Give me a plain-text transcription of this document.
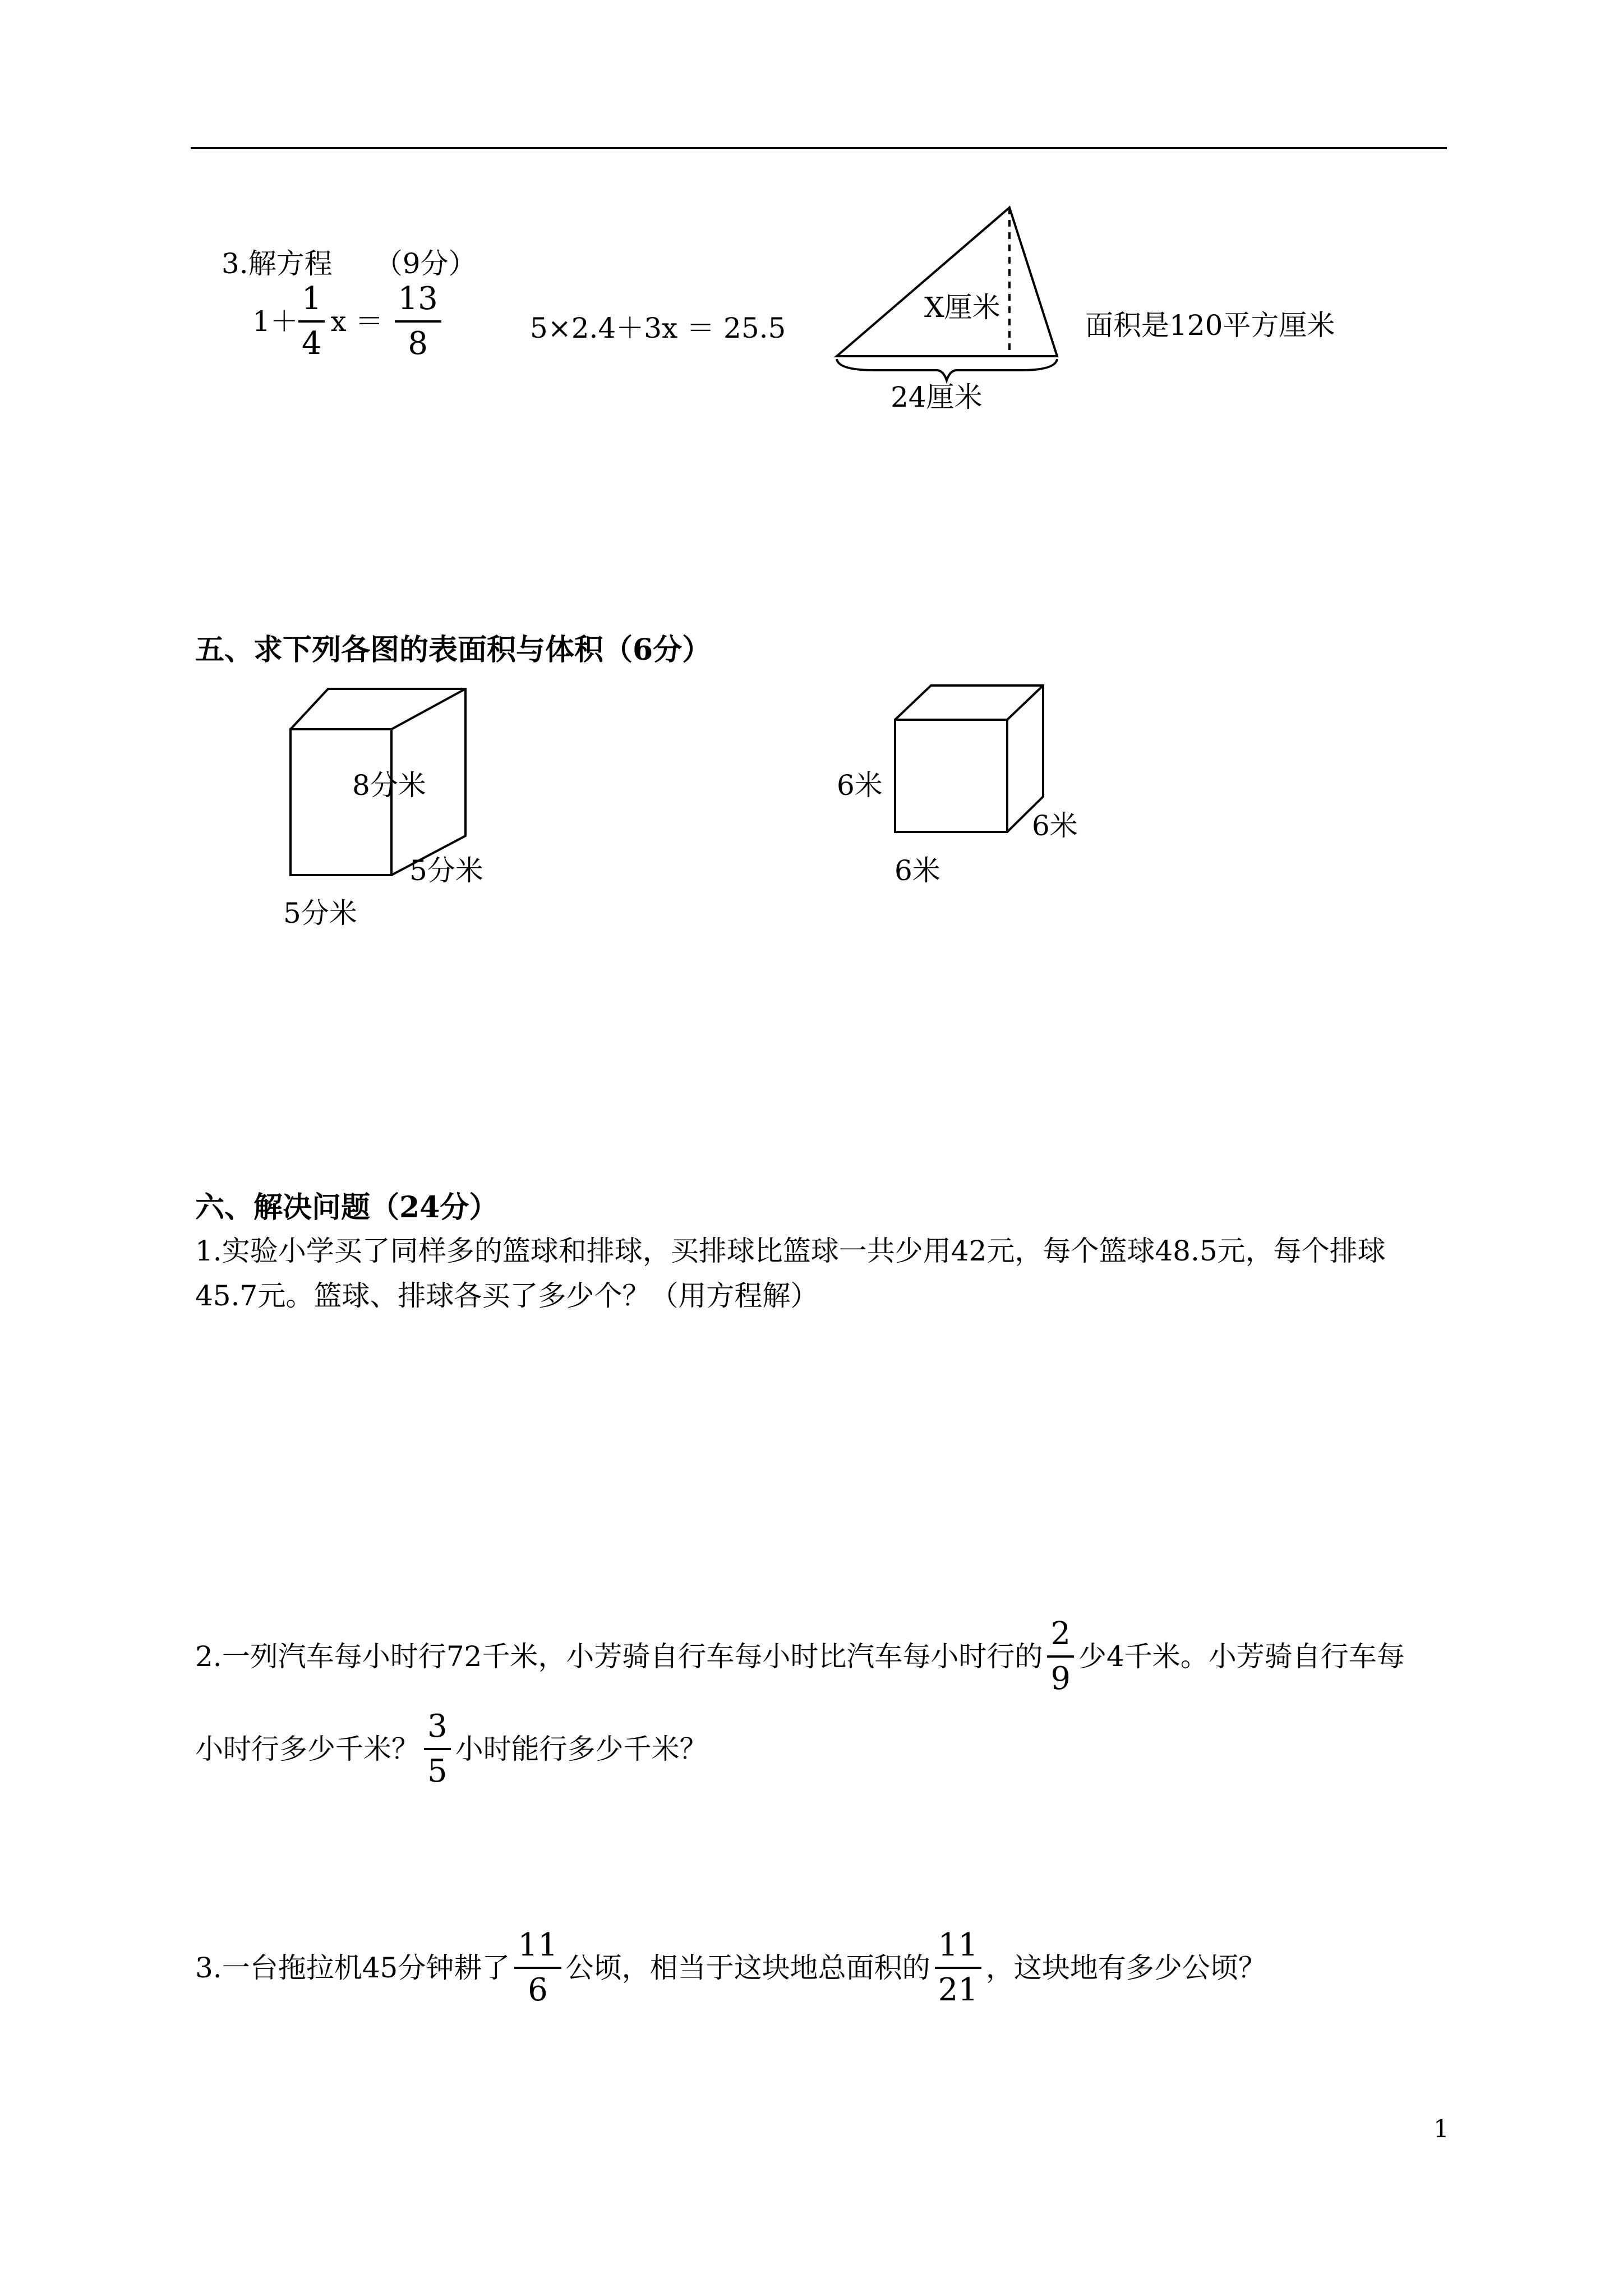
3.解方程　　（9分）
$1+ \frac{1}{4}$ $x = \frac{13}{8}$	5×2.4＋3x ＝ 25.5
X厘米
24厘米
面积是120平方厘米
五、求下列各图的表面积与体积（6分）
8分米
5分米
5分米
6米
6米
6米
六、解决问题（24分）
1.实验小学买了同样多的篮球和排球，买排球比篮球一共少用42元，每个篮球48.5元，每个排球
45.7元。篮球、排球各买了多少个？（用方程解）
2.一列汽车每小时行72千米，小芳骑自行车每小时比汽车每小时行的 $\frac{2}{9}$ 少4千米。小芳骑自行车每
小时行多少千米？ $\frac{3}{5}$ 小时能行多少千米？
3.一台拖拉机45分钟耕了 $\frac{11}{6}$ 公顷，相当于这块地总面积的 $\frac{11}{21}$ ，这块地有多少公顷？
1
